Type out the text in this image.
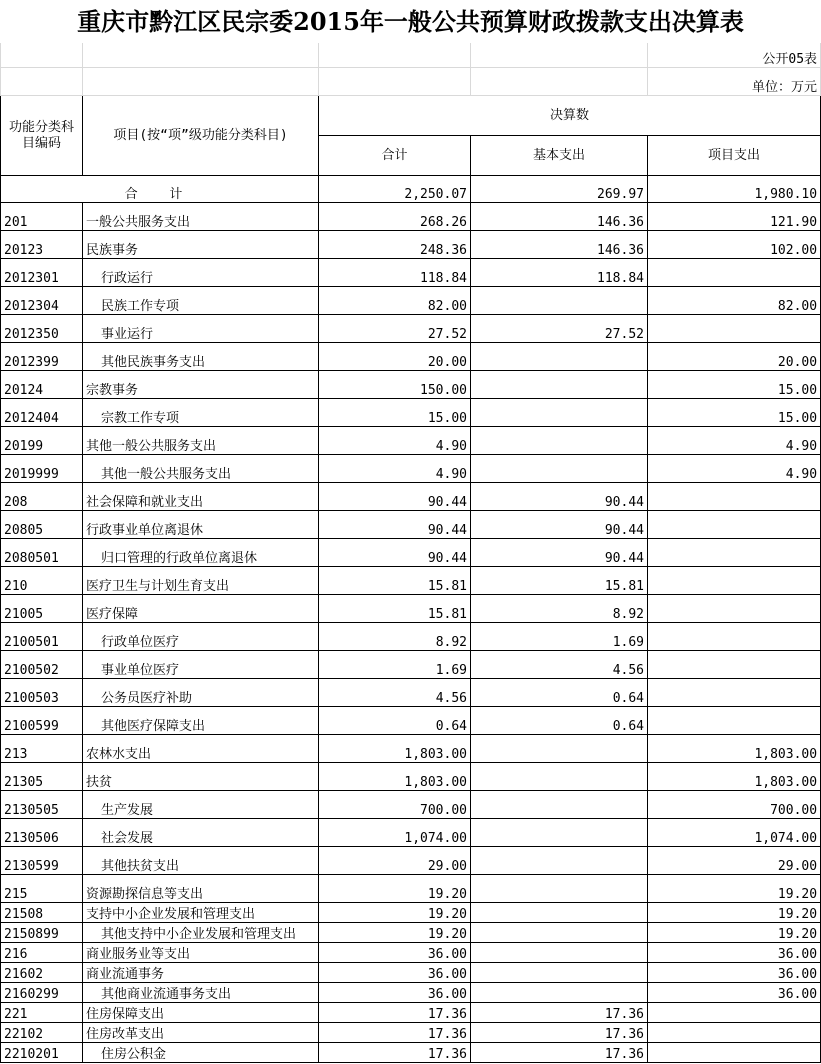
重庆市黔江区民宗委2015年一般公共预算财政拨款支出决算表				
				公开05表
				单位：万元
功能分类科目编码	项目(按“项”级功能分类科目)	决算数		
		合计	基本支出	项目支出
合 计		2,250.07	269.97	1,980.10
201	一般公共服务支出	268.26	146.36	121.90
20123	民族事务	248.36	146.36	102.00
2012301	行政运行	118.84	118.84	
2012304	民族工作专项	82.00		82.00
2012350	事业运行	27.52	27.52	
2012399	其他民族事务支出	20.00		20.00
20124	宗教事务	150.00		15.00
2012404	宗教工作专项	15.00		15.00
20199	其他一般公共服务支出	4.90		4.90
2019999	其他一般公共服务支出	4.90		4.90
208	社会保障和就业支出	90.44	90.44	
20805	行政事业单位离退休	90.44	90.44	
2080501	归口管理的行政单位离退休	90.44	90.44	
210	医疗卫生与计划生育支出	15.81	15.81	
21005	医疗保障	15.81	8.92	
2100501	行政单位医疗	8.92	1.69	
2100502	事业单位医疗	1.69	4.56	
2100503	公务员医疗补助	4.56	0.64	
2100599	其他医疗保障支出	0.64	0.64	
213	农林水支出	1,803.00		1,803.00
21305	扶贫	1,803.00		1,803.00
2130505	生产发展	700.00		700.00
2130506	社会发展	1,074.00		1,074.00
2130599	其他扶贫支出	29.00		29.00
215	资源勘探信息等支出	19.20		19.20
21508	支持中小企业发展和管理支出	19.20		19.20
2150899	其他支持中小企业发展和管理支出	19.20		19.20
216	商业服务业等支出	36.00		36.00
21602	商业流通事务	36.00		36.00
2160299	其他商业流通事务支出	36.00		36.00
221	住房保障支出	17.36	17.36	
22102	住房改革支出	17.36	17.36	
2210201	住房公积金	17.36	17.36	
